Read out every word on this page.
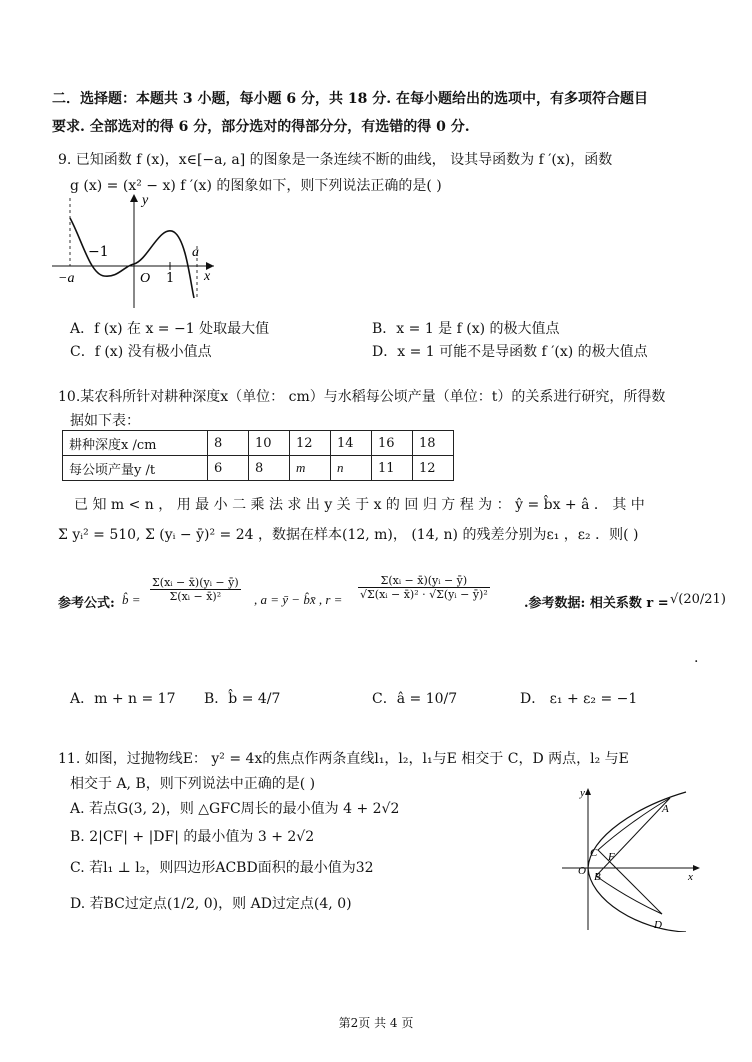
二．选择题：本题共 3 小题，每小题 6 分，共 18 分. 在每小题给出的选项中，有多项符合题目
要求. 全部选对的得 6 分，部分选对的得部分分，有选错的得 0 分.
9. 已知函数 f (x)，x∈[−a, a] 的图象是一条连续不断的曲线， 设其导函数为 f ′(x)，函数
g (x) = (x² − x) f ′(x) 的图象如下，则下列说法正确的是( )
y
x
O
−1
1
−a
a
A．f (x) 在 x = −1 处取最大值	B．x = 1 是 f (x) 的极大值点
C．f (x) 没有极小值点	D．x = 1 可能不是导函数 f ′(x) 的极大值点
10.某农科所针对耕种深度x（单位： cm）与水稻每公顷产量（单位：t）的关系进行研究，所得数
据如下表：
耕种深度x /cm	8	10	12	14	16	18
每公顷产量y /t	6	8	m	n	11	12
已 知 m < n ， 用 最 小 二 乘 法 求 出 y 关 于 x 的 回 归 方 程 为 ： ŷ = b̂x + â ． 其 中
Σ yᵢ² = 510, Σ (yᵢ − ȳ)² = 24 ，数据在样本(12, m)， (14, n) 的残差分别为ε₁ ，ε₂ ．则( )
参考公式: b̂ = $\frac{\text{Σ(xᵢ − x̄)(yᵢ − ȳ)}}{\text{Σ(xᵢ − x̄)²}}$ , a = ȳ − b̂x̄ , $r = \frac{\text{Σ(xᵢ − x̄)(yᵢ − ȳ)}}{\text{√Σ(xᵢ − x̄)² · √Σ(yᵢ − ȳ)²}}$
.参考数据: 相关系数 r = √(20/21)
.
A．m + n = 17 B．b̂ = 4/7	C．â = 10/7	D． ε₁ + ε₂ = −1
11. 如图，过抛物线E： y² = 4x的焦点作两条直线l₁，l₂，l₁与E 相交于 C，D 两点，l₂ 与E
相交于 A, B，则下列说法中正确的是( )
A. 若点G(3, 2)，则 △GFC周长的最小值为 4 + 2√2
B. 2|CF| + |DF| 的最小值为 3 + 2√2
C. 若l₁ ⊥ l₂，则四边形ACBD面积的最小值为32
D. 若BC过定点(1/2, 0)，则 AD过定点(4, 0)
y
x
O
A
B
C
D
F
第2页 共 4 页
